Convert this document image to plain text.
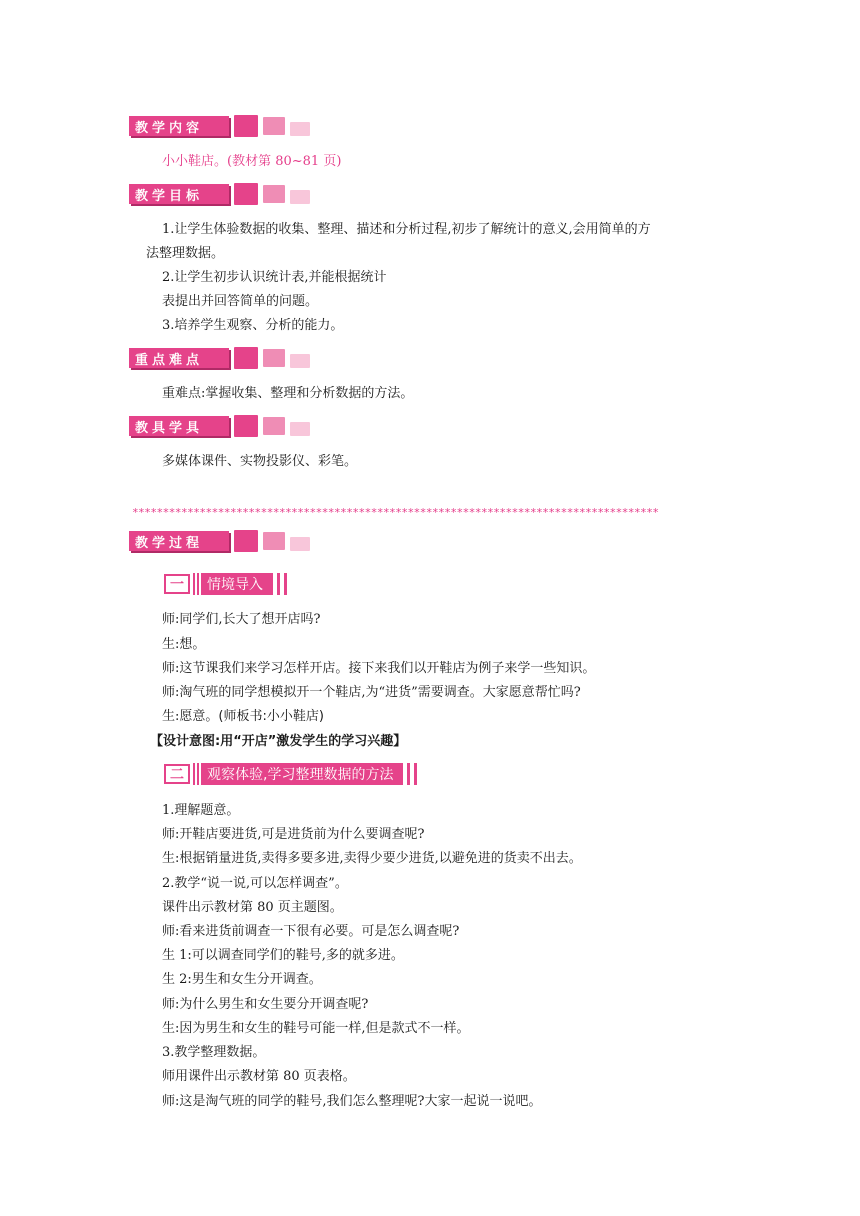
教学内容
小小鞋店。(教材第 80~81 页)
教学目标
1.让学生体验数据的收集、整理、描述和分析过程,初步了解统计的意义,会用简单的方
法整理数据。
2.让学生初步认识统计表,并能根据统计
表提出并回答简单的问题。
3.培养学生观察、分析的能力。
重点难点
重难点:掌握收集、整理和分析数据的方法。
教具学具
多媒体课件、实物投影仪、彩笔。
**************************************************************************************
教学过程
一	情境导入
师:同学们,长大了想开店吗?
生:想。
师:这节课我们来学习怎样开店。接下来我们以开鞋店为例子来学一些知识。
师:淘气班的同学想模拟开一个鞋店,为“进货”需要调查。大家愿意帮忙吗?
生:愿意。(师板书:小小鞋店)
【设计意图:用“开店”激发学生的学习兴趣】
二	观察体验,学习整理数据的方法
1.理解题意。
师:开鞋店要进货,可是进货前为什么要调查呢?
生:根据销量进货,卖得多要多进,卖得少要少进货,以避免进的货卖不出去。
2.教学“说一说,可以怎样调查”。
课件出示教材第 80 页主题图。
师:看来进货前调查一下很有必要。可是怎么调查呢?
生 1:可以调查同学们的鞋号,多的就多进。
生 2:男生和女生分开调查。
师:为什么男生和女生要分开调查呢?
生:因为男生和女生的鞋号可能一样,但是款式不一样。
3.教学整理数据。
师用课件出示教材第 80 页表格。
师:这是淘气班的同学的鞋号,我们怎么整理呢?大家一起说一说吧。
